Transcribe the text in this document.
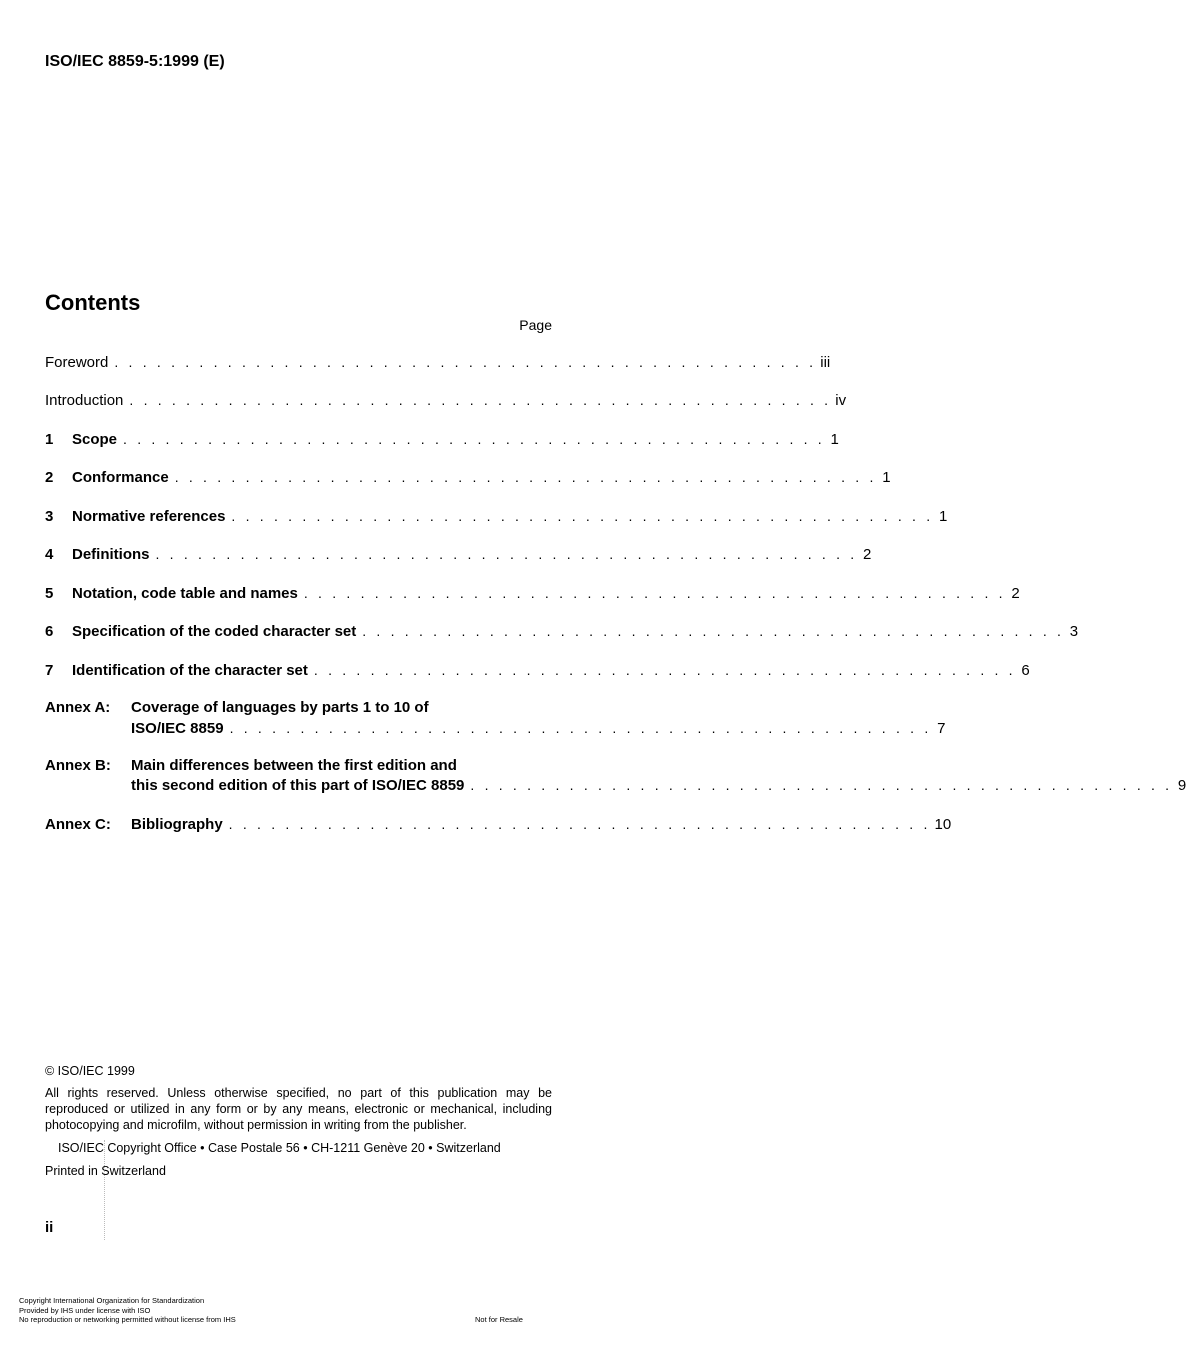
ISO/IEC 8859-5:1999 (E)
Contents
Page
Foreword . . . . . . . . . . . . . . . . . . . . . . . . . . . . . . . . . . . . . . . . . . . . . . . . . . iii
Introduction . . . . . . . . . . . . . . . . . . . . . . . . . . . . . . . . . . . . . . . . . . . . . . . . . . iv
1	Scope . . . . . . . . . . . . . . . . . . . . . . . . . . . . . . . . . . . . . . . . . . . . . . . . . . 1
2	Conformance . . . . . . . . . . . . . . . . . . . . . . . . . . . . . . . . . . . . . . . . . . . . . . . . . . 1
3	Normative references . . . . . . . . . . . . . . . . . . . . . . . . . . . . . . . . . . . . . . . . . . . . . . . . . . 1
4	Definitions . . . . . . . . . . . . . . . . . . . . . . . . . . . . . . . . . . . . . . . . . . . . . . . . . . 2
5	Notation, code table and names . . . . . . . . . . . . . . . . . . . . . . . . . . . . . . . . . . . . . . . . . . . . . . . . . . 2
6	Specification of the coded character set . . . . . . . . . . . . . . . . . . . . . . . . . . . . . . . . . . . . . . . . . . . . . . . . . . 3
7	Identification of the character set . . . . . . . . . . . . . . . . . . . . . . . . . . . . . . . . . . . . . . . . . . . . . . . . . . 6
Annex A:	Coverage of languages by parts 1 to 10 of
ISO/IEC 8859 . . . . . . . . . . . . . . . . . . . . . . . . . . . . . . . . . . . . . . . . . . . . . . . . . . 7
Annex B:	Main differences between the first edition and
this second edition of this part of ISO/IEC 8859 . . . . . . . . . . . . . . . . . . . . . . . . . . . . . . . . . . . . . . . . . . . . . . . . . . 9
Annex C:	Bibliography . . . . . . . . . . . . . . . . . . . . . . . . . . . . . . . . . . . . . . . . . . . . . . . . . . 10
© ISO/IEC 1999
All rights reserved. Unless otherwise specified, no part of this publication may be reproduced or utilized in any form or by any means, electronic or mechanical, including photocopying and microfilm, without permission in writing from the publisher.
ISO/IEC Copyright Office • Case Postale 56 • CH-1211 Genève 20 • Switzerland
Printed in Switzerland
ii
Copyright International Organization for Standardization
Provided by IHS under license with ISO
No reproduction or networking permitted without license from IHS	Not for Resale
